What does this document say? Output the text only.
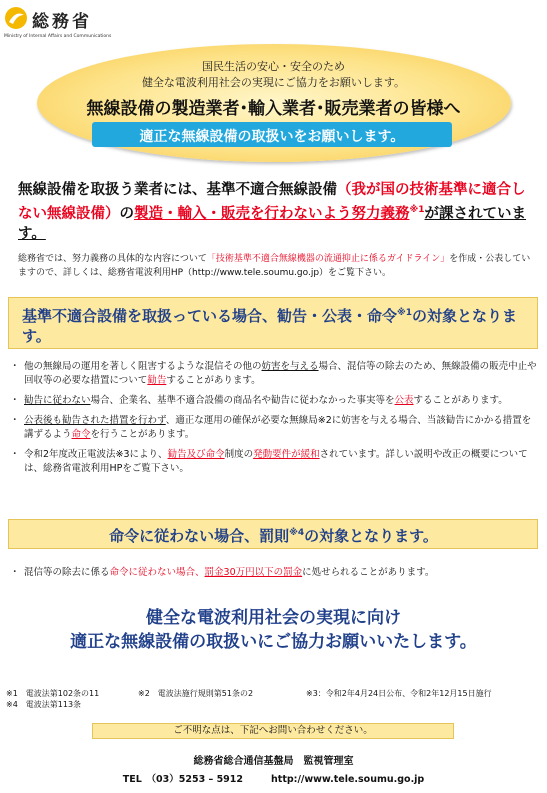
総務省
Ministry of Internal Affairs and Communications
国民生活の安心・安全のため
健全な電波利用社会の実現にご協力をお願いします。
無線設備の製造業者･輸入業者･販売業者の皆様へ
適正な無線設備の取扱いをお願いします。
無線設備を取扱う業者には、基準不適合無線設備（我が国の技術基準に適合しない無線設備）の製造・輸入・販売を行わないよう努力義務$^{※1}$が課されています。
総務省では、努力義務の具体的な内容について「技術基準不適合無線機器の流通抑止に係るガイドライン」を作成・公表していますので、詳しくは、総務省電波利用HP（http://www.tele.soumu.go.jp）をご覧下さい。
基準不適合設備を取扱っている場合、勧告・公表・命令$^{※1}$の対象となります。
・ 他の無線局の運用を著しく阻害するような混信その他の妨害を与える場合、混信等の除去のため、無線設備の販売中止や回収等の必要な措置について勧告することがあります。
・ 勧告に従わない場合、企業名、基準不適合設備の商品名や勧告に従わなかった事実等を公表することがあります。
・ 公表後も勧告された措置を行わず、適正な運用の確保が必要な無線局※2に妨害を与える場合、当該勧告にかかる措置を講ずるよう命令を行うことがあります。
・ 令和2年度改正電波法※3により、勧告及び命令制度の発動要件が緩和されています。詳しい説明や改正の概要については、総務省電波利用HPをご覧下さい。
命令に従わない場合、罰則$^{※4}$の対象となります。
・ 混信等の除去に係る命令に従わない場合、罰金30万円以下の罰金に処せられることがあります。
健全な電波利用社会の実現に向け
適正な無線設備の取扱いにご協力お願いいたします。
※1　電波法第102条の11	※2　電波法施行規則第51条の2	※3：令和2年4月24日公布、令和2年12月15日施行
※4　電波法第113条
ご不明な点は、下記へお問い合わせください。
総務省総合通信基盤局　監視管理室
TEL　（03）5253 – 5912	http://www.tele.soumu.go.jp
